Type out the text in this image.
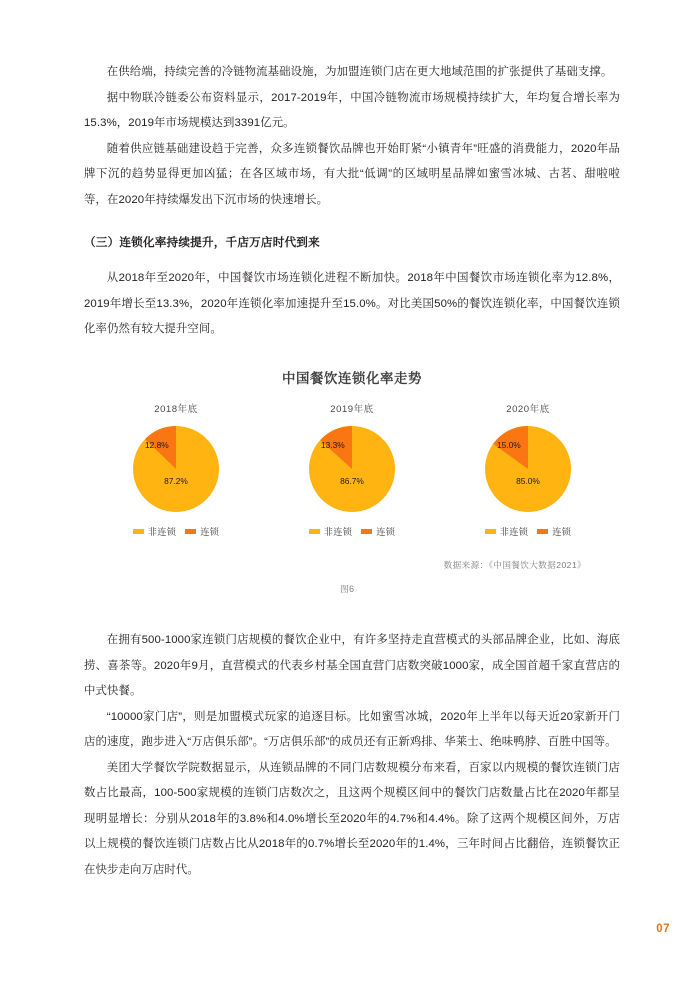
在供给端，持续完善的冷链物流基础设施，为加盟连锁门店在更大地域范围的扩张提供了基础支撑。

据中物联冷链委公布资料显示，2017-2019年，中国冷链物流市场规模持续扩大，年均复合增长率为15.3%，2019年市场规模达到3391亿元。

随着供应链基础建设趋于完善，众多连锁餐饮品牌也开始盯紧“小镇青年”旺盛的消费能力，2020年品牌下沉的趋势显得更加凶猛；在各区域市场，有大批“低调”的区域明星品牌如蜜雪冰城、古茗、甜啦啦等，在2020年持续爆发出下沉市场的快速增长。

（三）连锁化率持续提升，千店万店时代到来

从2018年至2020年，中国餐饮市场连锁化进程不断加快。2018年中国餐饮市场连锁化率为12.8%，2019年增长至13.3%，2020年连锁化率加速提升至15.0%。对比美国50%的餐饮连锁化率，中国餐饮连锁化率仍然有较大提升空间。

中国餐饮连锁化率走势
2018年底
12.8%
87.2%
非连锁	连锁
2019年底
13.3%
86.7%
非连锁	连锁
2020年底
15.0%
85.0%
非连锁	连锁
数据来源：《中国餐饮大数据2021》
图6

在拥有500-1000家连锁门店规模的餐饮企业中，有许多坚持走直营模式的头部品牌企业，比如、海底捞、喜茶等。2020年9月，直营模式的代表乡村基全国直营门店数突破1000家，成全国首超千家直营店的中式快餐。

“10000家门店”，则是加盟模式玩家的追逐目标。比如蜜雪冰城，2020年上半年以每天近20家新开门店的速度，跑步进入“万店俱乐部”。“万店俱乐部”的成员还有正新鸡排、华莱士、绝味鸭脖、百胜中国等。

美团大学餐饮学院数据显示，从连锁品牌的不同门店数规模分布来看，百家以内规模的餐饮连锁门店数占比最高，100-500家规模的连锁门店数次之，且这两个规模区间中的餐饮门店数量占比在2020年都呈现明显增长：分别从2018年的3.8%和4.0%增长至2020年的4.7%和4.4%。除了这两个规模区间外，万店以上规模的餐饮连锁门店数占比从2018年的0.7%增长至2020年的1.4%，三年时间占比翻倍，连锁餐饮正在快步走向万店时代。

07
